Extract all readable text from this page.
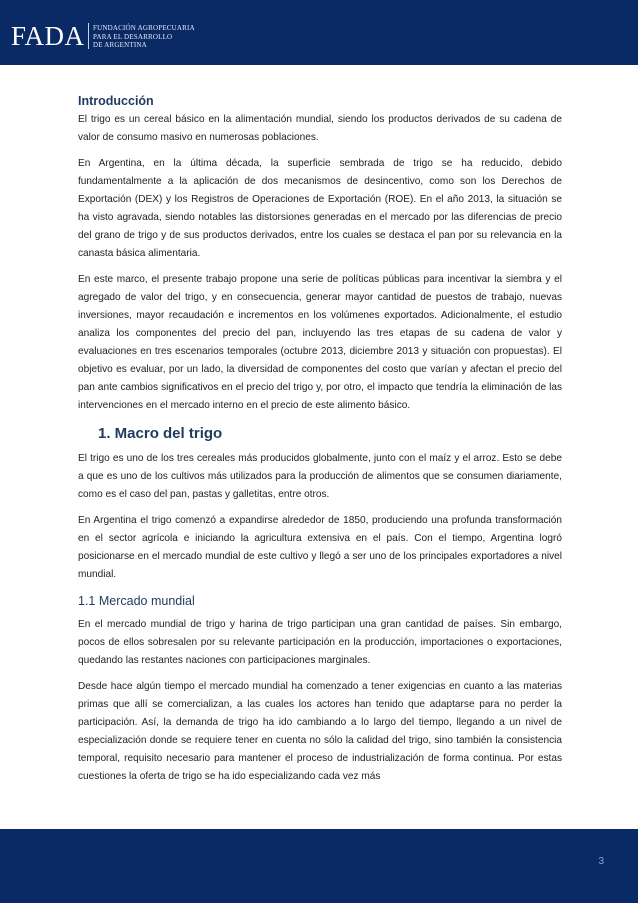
FADA FUNDACIÓN AGROPECUARIA
PARA EL DESARROLLO
DE ARGENTINA
Introducción

El trigo es un cereal básico en la alimentación mundial, siendo los productos derivados de su cadena de valor de consumo masivo en numerosas poblaciones.

En Argentina, en la última década, la superficie sembrada de trigo se ha reducido, debido fundamentalmente a la aplicación de dos mecanismos de desincentivo, como son los Derechos de Exportación (DEX) y los Registros de Operaciones de Exportación (ROE). En el año 2013, la situación se ha visto agravada, siendo notables las distorsiones generadas en el mercado por las diferencias de precio del grano de trigo y de sus productos derivados, entre los cuales se destaca el pan por su relevancia en la canasta básica alimentaria.

En este marco, el presente trabajo propone una serie de políticas públicas para incentivar la siembra y el agregado de valor del trigo, y en consecuencia, generar mayor cantidad de puestos de trabajo, nuevas inversiones, mayor recaudación e incrementos en los volúmenes exportados. Adicionalmente, el estudio analiza los componentes del precio del pan, incluyendo las tres etapas de su cadena de valor y evaluaciones en tres escenarios temporales (octubre 2013, diciembre 2013 y situación con propuestas). El objetivo es evaluar, por un lado, la diversidad de componentes del costo que varían y afectan el precio del pan ante cambios significativos en el precio del trigo y, por otro, el impacto que tendría la eliminación de las intervenciones en el mercado interno en el precio de este alimento básico.

1. Macro del trigo

El trigo es uno de los tres cereales más producidos globalmente, junto con el maíz y el arroz. Esto se debe a que es uno de los cultivos más utilizados para la producción de alimentos que se consumen diariamente, como es el caso del pan, pastas y galletitas, entre otros.

En Argentina el trigo comenzó a expandirse alrededor de 1850, produciendo una profunda transformación en el sector agrícola e iniciando la agricultura extensiva en el país. Con el tiempo, Argentina logró posicionarse en el mercado mundial de este cultivo y llegó a ser uno de los principales exportadores a nivel mundial.

1.1 Mercado mundial

En el mercado mundial de trigo y harina de trigo participan una gran cantidad de países. Sin embargo, pocos de ellos sobresalen por su relevante participación en la producción, importaciones o exportaciones, quedando las restantes naciones con participaciones marginales.

Desde hace algún tiempo el mercado mundial ha comenzado a tener exigencias en cuanto a las materias primas que allí se comercializan, a las cuales los actores han tenido que adaptarse para no perder la participación. Así, la demanda de trigo ha ido cambiando a lo largo del tiempo, llegando a un nivel de especialización donde se requiere tener en cuenta no sólo la calidad del trigo, sino también la consistencia temporal, requisito necesario para mantener el proceso de industrialización de forma continua. Por estas cuestiones la oferta de trigo se ha ido especializando cada vez más

3
